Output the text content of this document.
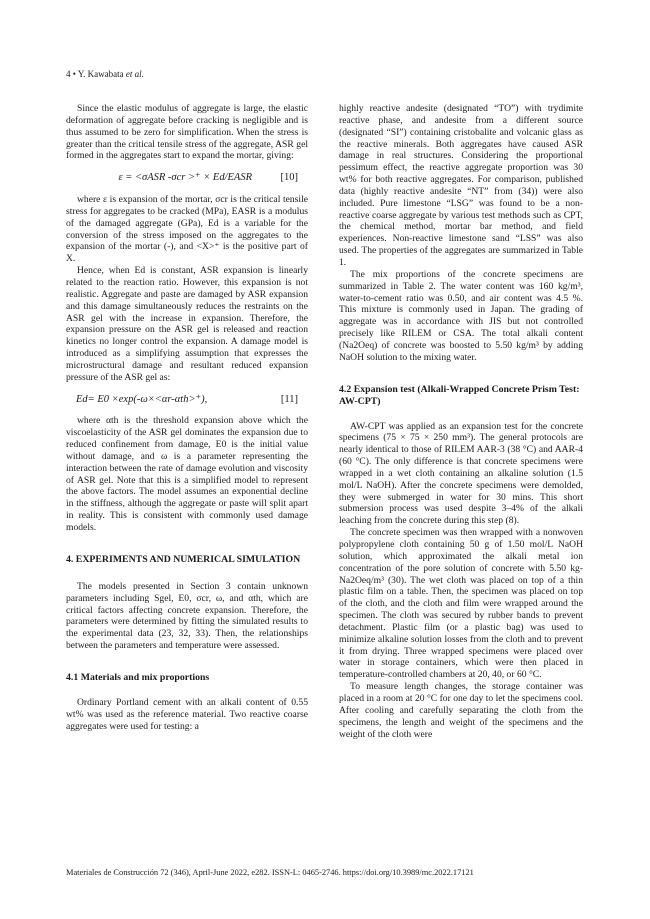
4 • Y. Kawabata et al.

Since the elastic modulus of aggregate is large, the elastic deformation of aggregate before cracking is negligible and is thus assumed to be zero for simplification. When the stress is greater than the critical tensile stress of the aggregate, ASR gel formed in the aggregates start to expand the mortar, giving:

ε = <σASR -σcr >⁺ × Ed/EASR	[10]

where ε is expansion of the mortar, σcr is the critical tensile stress for aggregates to be cracked (MPa), EASR is a modulus of the damaged aggregate (GPa), Ed is a variable for the conversion of the stress imposed on the aggregates to the expansion of the mortar (-), and <X>⁺ is the positive part of X.

Hence, when Ed is constant, ASR expansion is linearly related to the reaction ratio. However, this expansion is not realistic. Aggregate and paste are damaged by ASR expansion and this damage simultaneously reduces the restraints on the ASR gel with the increase in expansion. Therefore, the expansion pressure on the ASR gel is released and reaction kinetics no longer control the expansion. A damage model is introduced as a simplifying assumption that expresses the microstructural damage and resultant reduced expansion pressure of the ASR gel as:

Ed= E0 ×exp(-ω×<αr-αth>⁺),	[11]

where αth is the threshold expansion above which the viscoelasticity of the ASR gel dominates the expansion due to reduced confinement from damage, E0 is the initial value without damage, and ω is a parameter representing the interaction between the rate of damage evolution and viscosity of ASR gel. Note that this is a simplified model to represent the above factors. The model assumes an exponential decline in the stiffness, although the aggregate or paste will split apart in reality. This is consistent with commonly used damage models.

4. EXPERIMENTS AND NUMERICAL SIMULATION

The models presented in Section 3 contain unknown parameters including Sgel, E0, σcr, ω, and αth, which are critical factors affecting concrete expansion. Therefore, the parameters were determined by fitting the simulated results to the experimental data (23, 32, 33). Then, the relationships between the parameters and temperature were assessed.

4.1 Materials and mix proportions

Ordinary Portland cement with an alkali content of 0.55 wt% was used as the reference material. Two reactive coarse aggregates were used for testing: a

highly reactive andesite (designated “TO”) with trydimite reactive phase, and andesite from a different source (designated “SI”) containing cristobalite and volcanic glass as the reactive minerals. Both aggregates have caused ASR damage in real structures. Considering the proportional pessimum effect, the reactive aggregate proportion was 30 wt% for both reactive aggregates. For comparison, published data (highly reactive andesite “NT” from (34)) were also included. Pure limestone “LSG” was found to be a non-reactive coarse aggregate by various test methods such as CPT, the chemical method, mortar bar method, and field experiences. Non-reactive limestone sand “LSS” was also used. The properties of the aggregates are summarized in Table 1.

The mix proportions of the concrete specimens are summarized in Table 2. The water content was 160 kg/m³, water-to-cement ratio was 0.50, and air content was 4.5 %. This mixture is commonly used in Japan. The grading of aggregate was in accordance with JIS but not controlled precisely like RILEM or CSA. The total alkali content (Na2Oeq) of concrete was boosted to 5.50 kg/m³ by adding NaOH solution to the mixing water.

4.2 Expansion test (Alkali-Wrapped Concrete Prism Test: AW-CPT)

AW-CPT was applied as an expansion test for the concrete specimens (75 × 75 × 250 mm³). The general protocols are nearly identical to those of RILEM AAR-3 (38 °C) and AAR-4 (60 °C). The only difference is that concrete specimens were wrapped in a wet cloth containing an alkaline solution (1.5 mol/L NaOH). After the concrete specimens were demolded, they were submerged in water for 30 mins. This short submersion process was used despite 3–4% of the alkali leaching from the concrete during this step (8).

The concrete specimen was then wrapped with a nonwoven polypropylene cloth containing 50 g of 1.50 mol/L NaOH solution, which approximated the alkali metal ion concentration of the pore solution of concrete with 5.50 kg-Na2Oeq/m³ (30). The wet cloth was placed on top of a thin plastic film on a table. Then, the specimen was placed on top of the cloth, and the cloth and film were wrapped around the specimen. The cloth was secured by rubber bands to prevent detachment. Plastic film (or a plastic bag) was used to minimize alkaline solution losses from the cloth and to prevent it from drying. Three wrapped specimens were placed over water in storage containers, which were then placed in temperature-controlled chambers at 20, 40, or 60 °C.

To measure length changes, the storage container was placed in a room at 20 °C for one day to let the specimens cool. After cooling and carefully separating the cloth from the specimens, the length and weight of the specimens and the weight of the cloth were

Materiales de Construcción 72 (346), April-June 2022, e282. ISSN-L: 0465-2746. https://doi.org/10.3989/mc.2022.17121
